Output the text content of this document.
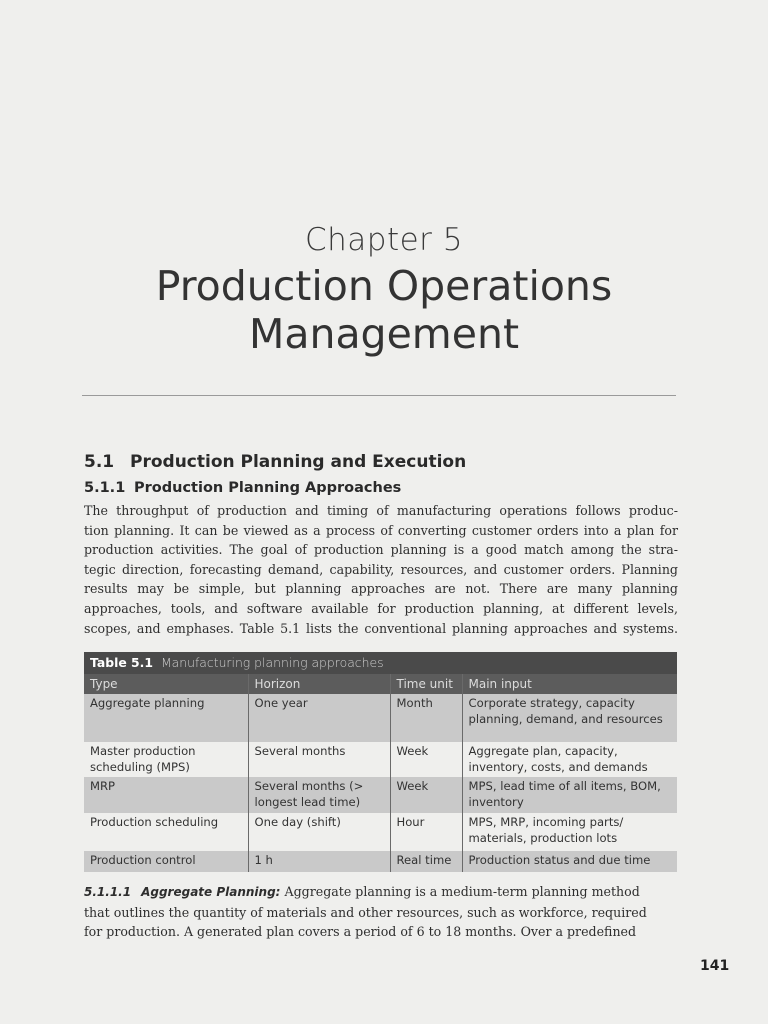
Chapter 5
Production Operations
Management
5.1 Production Planning and Execution
5.1.1 Production Planning Approaches
The throughput of production and timing of manufacturing operations follows produc-
tion planning. It can be viewed as a process of converting customer orders into a plan for
production activities. The goal of production planning is a good match among the stra-
tegic direction, forecasting demand, capability, resources, and customer orders. Planning
results may be simple, but planning approaches are not. There are many planning
approaches, tools, and software available for production planning, at different levels,
scopes, and emphases. Table 5.1 lists the conventional planning approaches and systems.
Table 5.1 Manufacturing planning approaches
Type	Horizon	Time unit	Main input
Aggregate planning	One year	Month	Corporate strategy, capacity planning, demand, and resources
Master production scheduling (MPS)	Several months	Week	Aggregate plan, capacity, inventory, costs, and demands
MRP	Several months (> longest lead time)	Week	MPS, lead time of all items, BOM, inventory
Production scheduling	One day (shift)	Hour	MPS, MRP, incoming parts/ materials, production lots
Production control	1 h	Real time	Production status and due time
5.1.1.1 Aggregate Planning: Aggregate planning is a medium-term planning method
that outlines the quantity of materials and other resources, such as workforce, required
for production. A generated plan covers a period of 6 to 18 months. Over a predefined
141
